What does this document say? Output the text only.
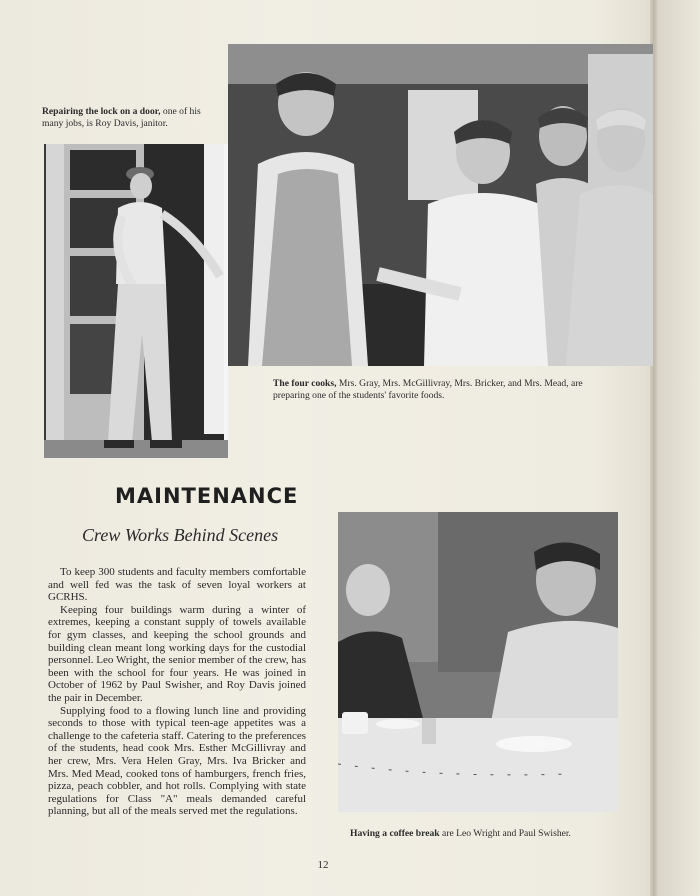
Repairing the lock on a door, one of his many jobs, is Roy Davis, janitor.
The four cooks, Mrs. Gray, Mrs. McGillivray, Mrs. Bricker, and Mrs. Mead, are preparing one of the students' favorite foods.
MAINTENANCE
Crew Works Behind Scenes

To keep 300 students and faculty members comfortable and well fed was the task of seven loyal workers at GCRHS.

Keeping four buildings warm during a winter of extremes, keeping a constant supply of towels available for gym classes, and keeping the school grounds and building clean meant long working days for the custodial personnel. Leo Wright, the senior member of the crew, has been with the school for four years. He was joined in October of 1962 by Paul Swisher, and Roy Davis joined the pair in December.

Supplying food to a flowing lunch line and providing seconds to those with typical teen-age appetites was a challenge to the cafeteria staff. Catering to the preferences of the students, head cook Mrs. Esther McGillivray and her crew, Mrs. Vera Helen Gray, Mrs. Iva Bricker and Mrs. Med Mead, cooked tons of hamburgers, french fries, pizza, peach cobbler, and hot rolls. Complying with state regulations for Class "A" meals demanded careful planning, but all of the meals served met the regulations.

Having a coffee break are Leo Wright and Paul Swisher.
12
